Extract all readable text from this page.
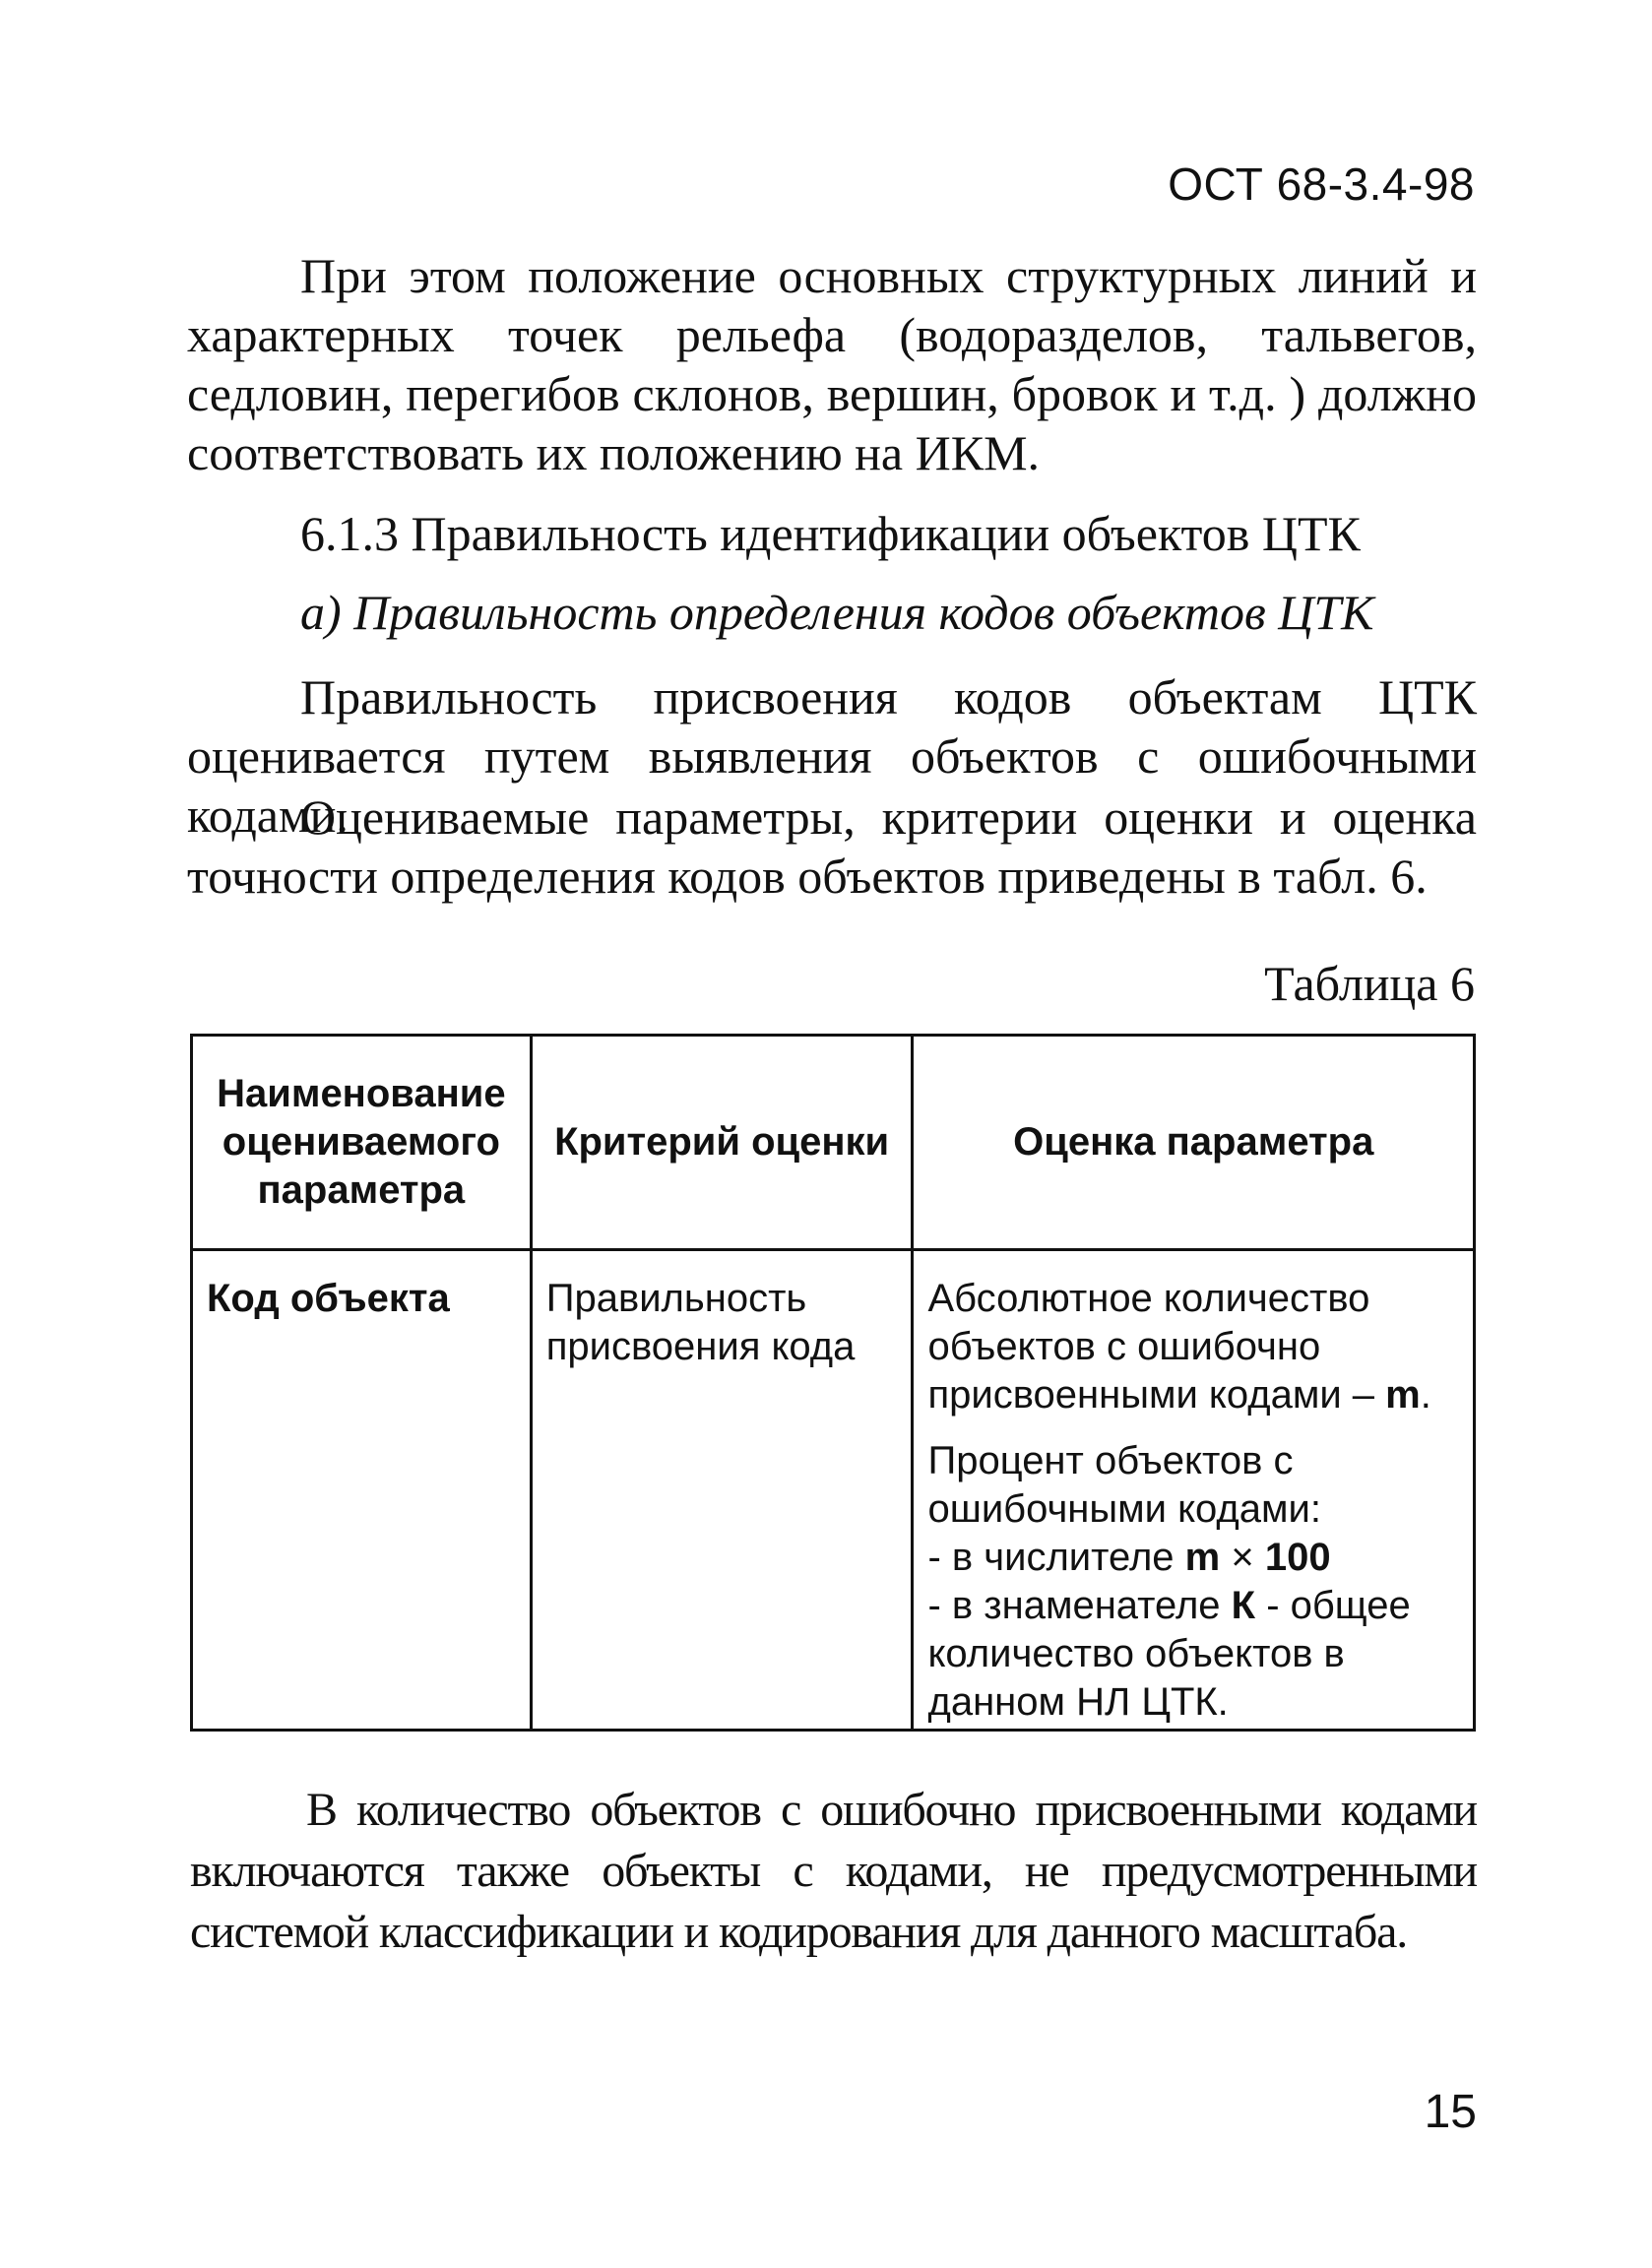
ОСТ 68-3.4-98

При этом положение основных структурных линий и характерных точек рельефа (водоразделов, тальвегов, седловин, перегибов склонов, вершин, бровок и т.д. ) должно соответствовать их положению на ИКМ.

6.1.3 Правильность идентификации объектов ЦТК
а) Правильность определения кодов объектов ЦТК

Правильность присвоения кодов объектам ЦТК оценивается путем выявления объектов с ошибочными кодами.

Оцениваемые параметры, критерии оценки и оценка точности определения кодов объектов приведены в табл. 6.

Таблица 6
Наименование оцениваемого параметра	Критерий оценки	Оценка параметра
Код объекта	Правильность присвоения кода	Абсолютное количество объектов с ошибочно присвоенными кодами – m.
Процент объектов с ошибочными кодами:
- в числителе m × 100
- в знаменателе К - общее количество объектов в данном НЛ ЦТК.

В количество объектов с ошибочно присвоенными кодами включаются также объекты с кодами, не предусмотренными системой классификации и кодирования для данного масштаба.

15
